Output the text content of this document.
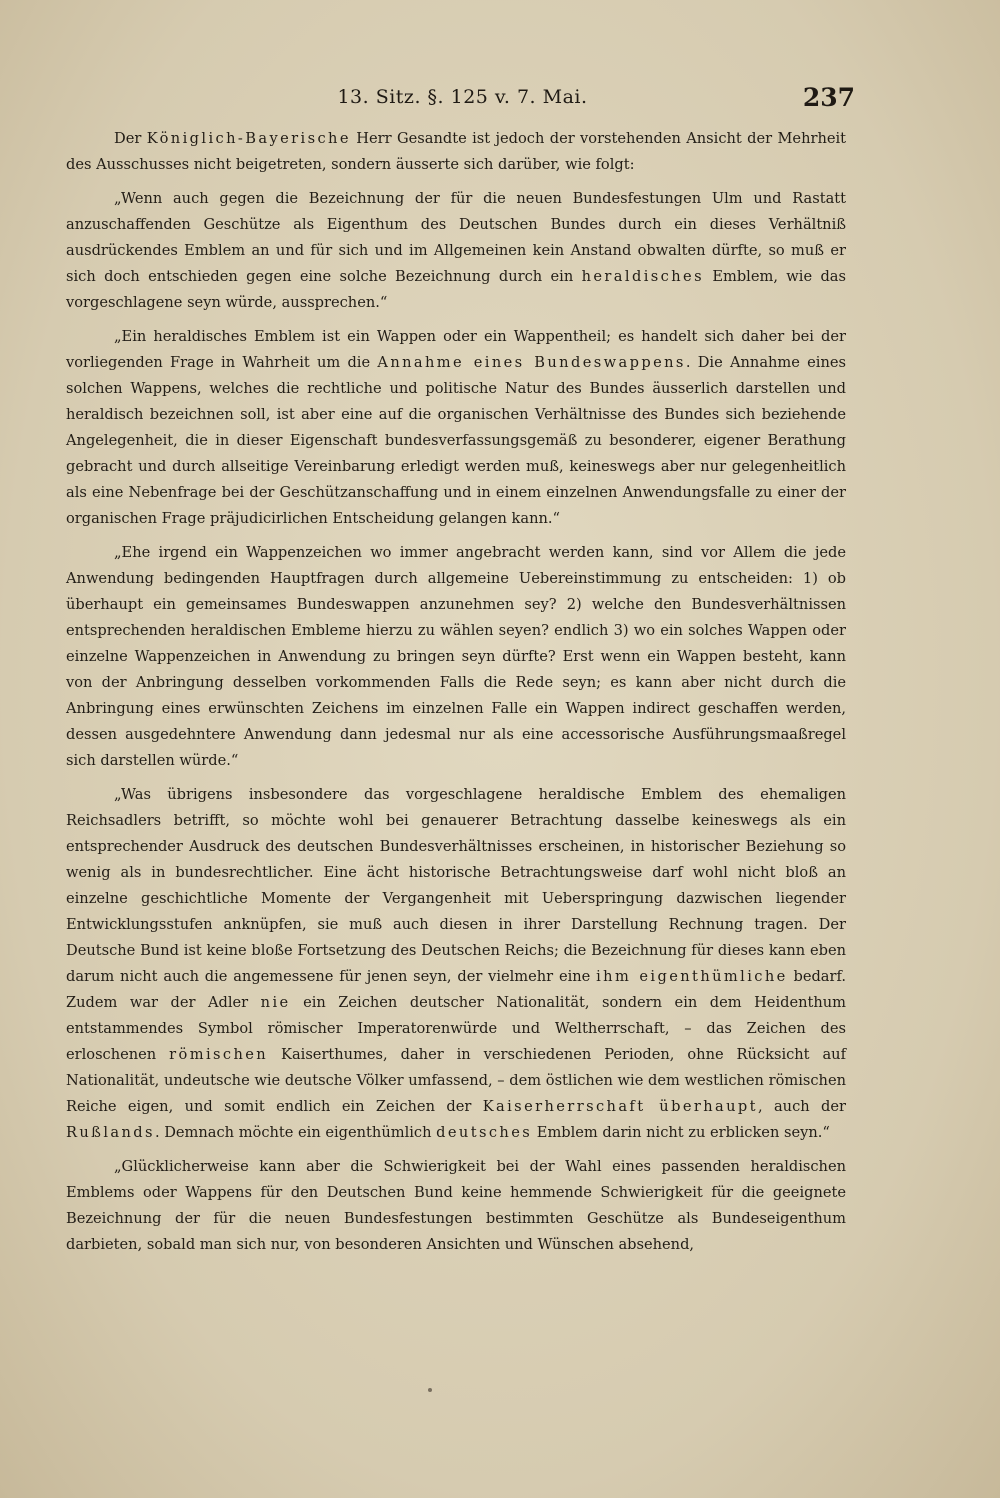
13. Sitz. §. 125 v. 7. Mai.	237

Der Königlich-Bayerische Herr Gesandte ist jedoch der vorstehenden Ansicht der Mehrheit des Ausschusses nicht beigetreten, sondern äusserte sich darüber, wie folgt:

„Wenn auch gegen die Bezeichnung der für die neuen Bundesfestungen Ulm und Rastatt anzuschaffenden Geschütze als Eigenthum des Deutschen Bundes durch ein dieses Verhältniß ausdrückendes Emblem an und für sich und im Allgemeinen kein Anstand obwalten dürfte, so muß er sich doch entschieden gegen eine solche Bezeichnung durch ein heraldisches Emblem, wie das vorgeschlagene seyn würde, aussprechen.“

„Ein heraldisches Emblem ist ein Wappen oder ein Wappentheil; es handelt sich daher bei der vorliegenden Frage in Wahrheit um die Annahme eines Bundeswappens. Die Annahme eines solchen Wappens, welches die rechtliche und politische Natur des Bundes äusserlich darstellen und heraldisch bezeichnen soll, ist aber eine auf die organischen Verhältnisse des Bundes sich beziehende Angelegenheit, die in dieser Eigenschaft bundesverfassungsgemäß zu besonderer, eigener Berathung gebracht und durch allseitige Vereinbarung erledigt werden muß, keineswegs aber nur gelegenheitlich als eine Nebenfrage bei der Geschützanschaffung und in einem einzelnen Anwendungsfalle zu einer der organischen Frage präjudicirlichen Entscheidung gelangen kann.“

„Ehe irgend ein Wappenzeichen wo immer angebracht werden kann, sind vor Allem die jede Anwendung bedingenden Hauptfragen durch allgemeine Uebereinstimmung zu entscheiden: 1) ob überhaupt ein gemeinsames Bundeswappen anzunehmen sey? 2) welche den Bundesverhältnissen entsprechenden heraldischen Embleme hierzu zu wählen seyen? endlich 3) wo ein solches Wappen oder einzelne Wappenzeichen in Anwendung zu bringen seyn dürfte? Erst wenn ein Wappen besteht, kann von der Anbringung desselben vorkommenden Falls die Rede seyn; es kann aber nicht durch die Anbringung eines erwünschten Zeichens im einzelnen Falle ein Wappen indirect geschaffen werden, dessen ausgedehntere Anwendung dann jedesmal nur als eine accessorische Ausführungsmaaßregel sich darstellen würde.“

„Was übrigens insbesondere das vorgeschlagene heraldische Emblem des ehemaligen Reichsadlers betrifft, so möchte wohl bei genauerer Betrachtung dasselbe keineswegs als ein entsprechender Ausdruck des deutschen Bundesverhältnisses erscheinen, in historischer Beziehung so wenig als in bundesrechtlicher. Eine ächt historische Betrachtungsweise darf wohl nicht bloß an einzelne geschichtliche Momente der Vergangenheit mit Ueberspringung dazwischen liegender Entwicklungsstufen anknüpfen, sie muß auch diesen in ihrer Darstellung Rechnung tragen. Der Deutsche Bund ist keine bloße Fortsetzung des Deutschen Reichs; die Bezeichnung für dieses kann eben darum nicht auch die angemessene für jenen seyn, der vielmehr eine ihm eigenthümliche bedarf. Zudem war der Adler nie ein Zeichen deutscher Nationalität, sondern ein dem Heidenthum entstammendes Symbol römischer Imperatorenwürde und Weltherrschaft, – das Zeichen des erloschenen römischen Kaiserthumes, daher in verschiedenen Perioden, ohne Rücksicht auf Nationalität, undeutsche wie deutsche Völker umfassend, – dem östlichen wie dem westlichen römischen Reiche eigen, und somit endlich ein Zeichen der Kaiserherrschaft überhaupt, auch der Rußlands. Demnach möchte ein eigenthümlich deutsches Emblem darin nicht zu erblicken seyn.“

„Glücklicherweise kann aber die Schwierigkeit bei der Wahl eines passenden heraldischen Emblems oder Wappens für den Deutschen Bund keine hemmende Schwierigkeit für die geeignete Bezeichnung der für die neuen Bundesfestungen bestimmten Geschütze als Bundeseigenthum darbieten, sobald man sich nur, von besonderen Ansichten und Wünschen absehend,
